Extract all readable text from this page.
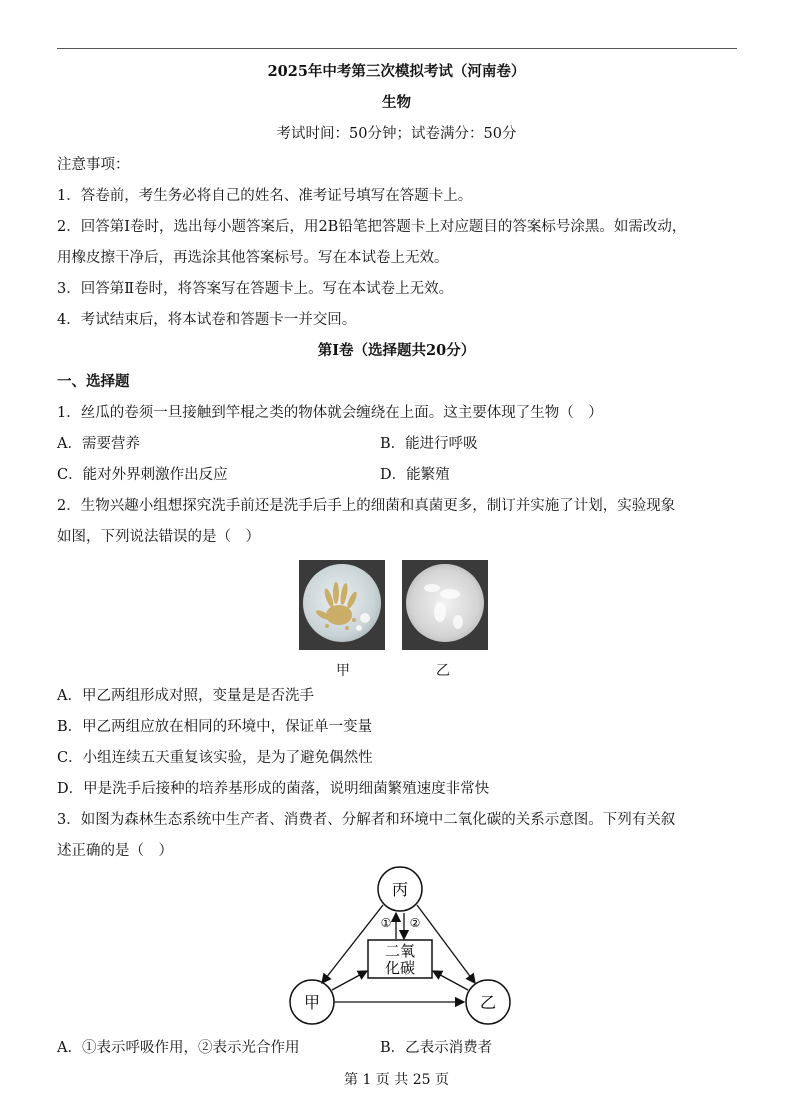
2025年中考第三次模拟考试（河南卷）
生物
考试时间：50分钟；试卷满分：50分
注意事项：
1．答卷前，考生务必将自己的姓名、准考证号填写在答题卡上。
2．回答第Ⅰ卷时，选出每小题答案后，用2B铅笔把答题卡上对应题目的答案标号涂黑。如需改动，
用橡皮擦干净后，再选涂其他答案标号。写在本试卷上无效。
3．回答第Ⅱ卷时，将答案写在答题卡上。写在本试卷上无效。
4．考试结束后，将本试卷和答题卡一并交回。
第Ⅰ卷（选择题共20分）
一、选择题
1．丝瓜的卷须一旦接触到竿棍之类的物体就会缠绕在上面。这主要体现了生物（　）
A．需要营养	B．能进行呼吸
C．能对外界刺激作出反应	D．能繁殖
2．生物兴趣小组想探究洗手前还是洗手后手上的细菌和真菌更多，制订并实施了计划，实验现象
如图，下列说法错误的是（　）
甲	乙
A．甲乙两组形成对照，变量是是否洗手
B．甲乙两组应放在相同的环境中，保证单一变量
C．小组连续五天重复该实验，是为了避免偶然性
D．甲是洗手后接种的培养基形成的菌落，说明细菌繁殖速度非常快
3．如图为森林生态系统中生产者、消费者、分解者和环境中二氧化碳的关系示意图。下列有关叙
述正确的是（　）
丙
甲	乙
二氧
化碳
① ②
A．①表示呼吸作用，②表示光合作用	B．乙表示消费者
第 1 页 共 25 页
